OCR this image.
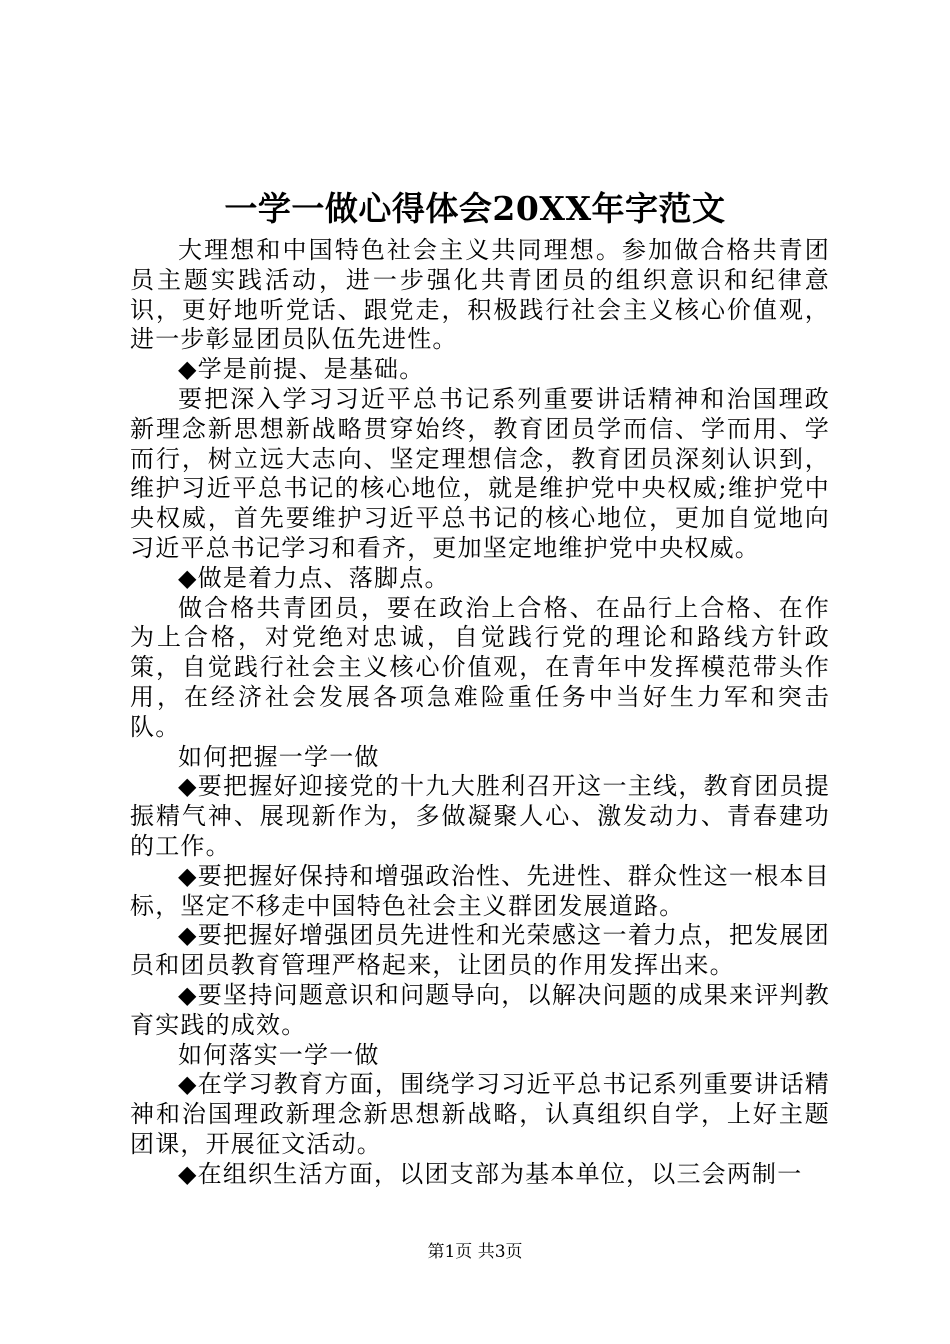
一学一做心得体会20XX年字范文

大理想和中国特色社会主义共同理想。参加做合格共青团员主题实践活动，进一步强化共青团员的组织意识和纪律意识，更好地听党话、跟党走，积极践行社会主义核心价值观，进一步彰显团员队伍先进性。

◆学是前提、是基础。

要把深入学习习近平总书记系列重要讲话精神和治国理政新理念新思想新战略贯穿始终，教育团员学而信、学而用、学而行，树立远大志向、坚定理想信念，教育团员深刻认识到，维护习近平总书记的核心地位，就是维护党中央权威;维护党中央权威，首先要维护习近平总书记的核心地位，更加自觉地向习近平总书记学习和看齐，更加坚定地维护党中央权威。

◆做是着力点、落脚点。

做合格共青团员，要在政治上合格、在品行上合格、在作为上合格，对党绝对忠诚，自觉践行党的理论和路线方针政策，自觉践行社会主义核心价值观，在青年中发挥模范带头作用，在经济社会发展各项急难险重任务中当好生力军和突击队。

如何把握一学一做

◆要把握好迎接党的十九大胜利召开这一主线，教育团员提振精气神、展现新作为，多做凝聚人心、激发动力、青春建功的工作。

◆要把握好保持和增强政治性、先进性、群众性这一根本目标，坚定不移走中国特色社会主义群团发展道路。

◆要把握好增强团员先进性和光荣感这一着力点，把发展团员和团员教育管理严格起来，让团员的作用发挥出来。

◆要坚持问题意识和问题导向，以解决问题的成果来评判教育实践的成效。

如何落实一学一做

◆在学习教育方面，围绕学习习近平总书记系列重要讲话精神和治国理政新理念新思想新战略，认真组织自学，上好主题团课，开展征文活动。

◆在组织生活方面，以团支部为基本单位，以三会两制一

第1页 共3页
